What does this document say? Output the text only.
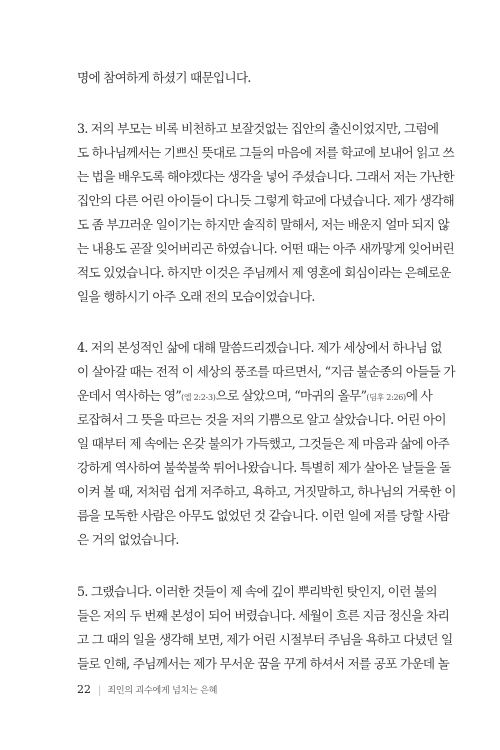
명에 참여하게 하셨기 때문입니다.
3. 저의 부모는 비록 비천하고 보잘것없는 집안의 출신이었지만, 그럼에
도 하나님께서는 기쁘신 뜻대로 그들의 마음에 저를 학교에 보내어 읽고 쓰
는 법을 배우도록 해야겠다는 생각을 넣어 주셨습니다. 그래서 저는 가난한
집안의 다른 어린 아이들이 다니듯 그렇게 학교에 다녔습니다. 제가 생각해
도 좀 부끄러운 일이기는 하지만 솔직히 말해서, 저는 배운지 얼마 되지 않
는 내용도 곧잘 잊어버리곤 하였습니다. 어떤 때는 아주 새까맣게 잊어버린
적도 있었습니다. 하지만 이것은 주님께서 제 영혼에 회심이라는 은혜로운
일을 행하시기 아주 오래 전의 모습이었습니다.
4. 저의 본성적인 삶에 대해 말씀드리겠습니다. 제가 세상에서 하나님 없
이 살아갈 때는 전적 이 세상의 풍조를 따르면서, “지금 불순종의 아들들 가
운데서 역사하는 영”(엡 2:2-3)으로 살았으며, “마귀의 올무”(딤후 2:26)에 사
로잡혀서 그 뜻을 따르는 것을 저의 기쁨으로 알고 살았습니다. 어린 아이
일 때부터 제 속에는 온갖 불의가 가득했고, 그것들은 제 마음과 삶에 아주
강하게 역사하여 불쑥불쑥 튀어나왔습니다. 특별히 제가 살아온 날들을 돌
이켜 볼 때, 저처럼 쉽게 저주하고, 욕하고, 거짓말하고, 하나님의 거룩한 이
름을 모독한 사람은 아무도 없었던 것 같습니다. 이런 일에 저를 당할 사람
은 거의 없었습니다.
5. 그랬습니다. 이러한 것들이 제 속에 깊이 뿌리박힌 탓인지, 이런 불의
들은 저의 두 번째 본성이 되어 버렸습니다. 세월이 흐른 지금 정신을 차리
고 그 때의 일을 생각해 보면, 제가 어린 시절부터 주님을 욕하고 다녔던 일
들로 인해, 주님께서는 제가 무서운 꿈을 꾸게 하셔서 저를 공포 가운데 놀
22 | 죄인의 괴수에게 넘치는 은혜
